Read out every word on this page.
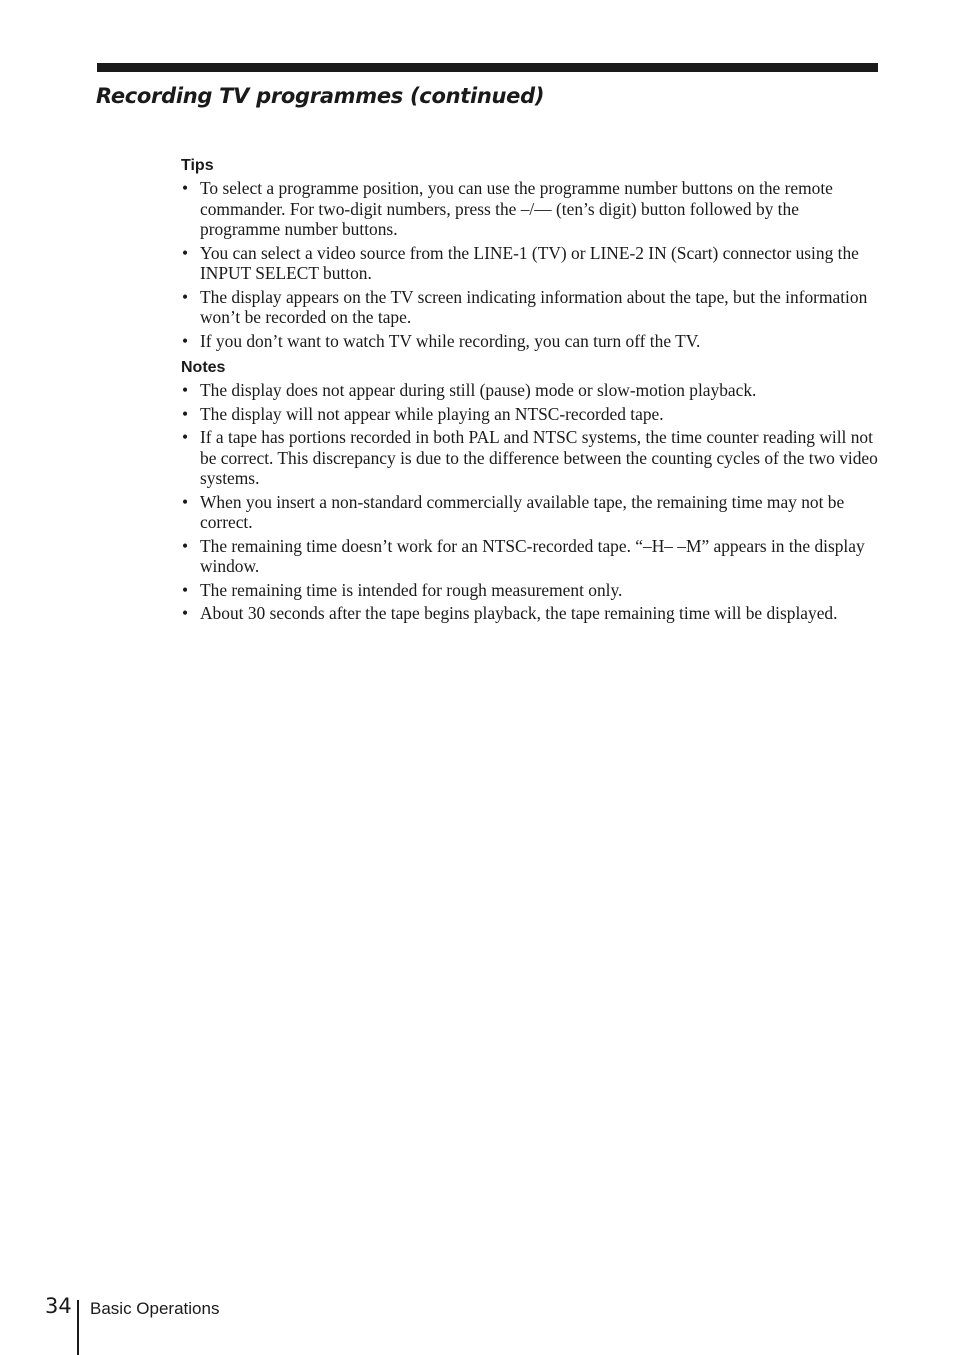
Recording TV programmes (continued)
Tips
• To select a programme position, you can use the programme number buttons on the remote commander. For two-digit numbers, press the –/–– (ten’s digit) button followed by the programme number buttons.
• You can select a video source from the LINE-1 (TV) or LINE-2 IN (Scart) connector using the INPUT SELECT button.
• The display appears on the TV screen indicating information about the tape, but the information won’t be recorded on the tape.
• If you don’t want to watch TV while recording, you can turn off the TV.
Notes
• The display does not appear during still (pause) mode or slow-motion playback.
• The display will not appear while playing an NTSC-recorded tape.
• If a tape has portions recorded in both PAL and NTSC systems, the time counter reading will not be correct. This discrepancy is due to the difference between the counting cycles of the two video systems.
• When you insert a non-standard commercially available tape, the remaining time may not be correct.
• The remaining time doesn’t work for an NTSC-recorded tape. “–H– –M” appears in the display window.
• The remaining time is intended for rough measurement only.
• About 30 seconds after the tape begins playback, the tape remaining time will be displayed.
34 Basic Operations
